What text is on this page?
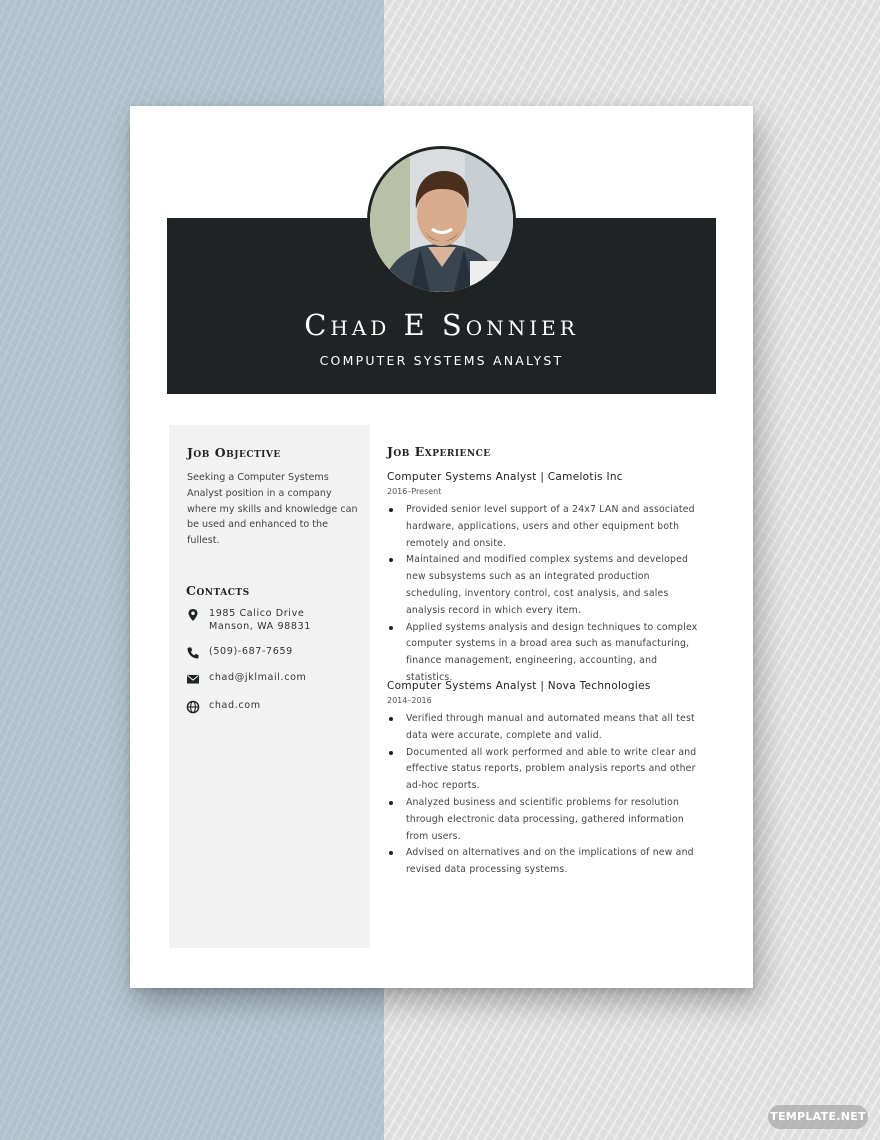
Chad E Sonnier
COMPUTER SYSTEMS ANALYST
Job Objective

Seeking a Computer Systems Analyst position in a company where my skills and knowledge can be used and enhanced to the fullest.

Contacts
1985 Calico Drive
Manson, WA 98831
(509)-687-7659
chad@jklmail.com
chad.com
Job Experience
Computer Systems Analyst | Camelotis Inc
2016–Present
Provided senior level support of a 24x7 LAN and associated hardware, applications, users and other equipment both remotely and onsite.
Maintained and modified complex systems and developed new subsystems such as an integrated production scheduling, inventory control, cost analysis, and sales analysis record in which every item.
Applied systems analysis and design techniques to complex computer systems in a broad area such as manufacturing, finance management, engineering, accounting, and statistics.
Computer Systems Analyst | Nova Technologies
2014–2016
Verified through manual and automated means that all test data were accurate, complete and valid.
Documented all work performed and able to write clear and effective status reports, problem analysis reports and other ad-hoc reports.
Analyzed business and scientific problems for resolution through electronic data processing, gathered information from users.
Advised on alternatives and on the implications of new and revised data processing systems.
TEMPLATE.NET
